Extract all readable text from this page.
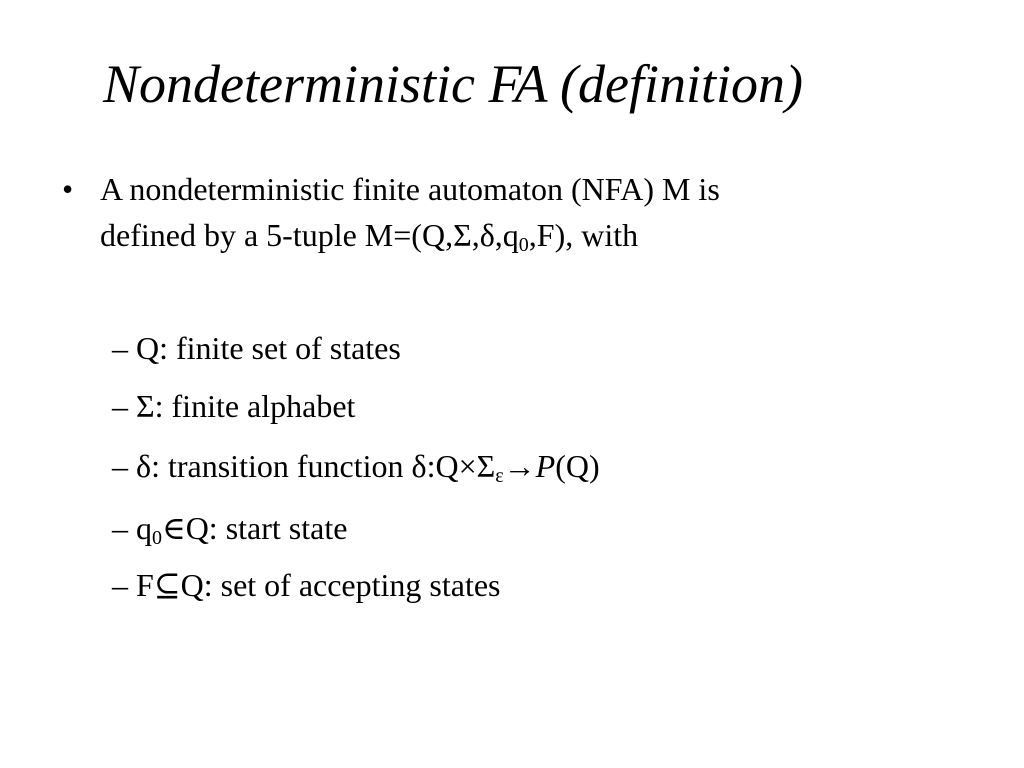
Nondeterministic FA (definition)
• A nondeterministic finite automaton (NFA) M is
defined by a 5-tuple $M=(Q,\Sigma,\delta,q_0,F)$, with
– Q: finite set of states
– Σ: finite alphabet
– δ: transition function $\delta:Q\times\Sigma_\varepsilon\to P(Q)$
– $q_0\in Q$: start state
– F⊆Q: set of accepting states
